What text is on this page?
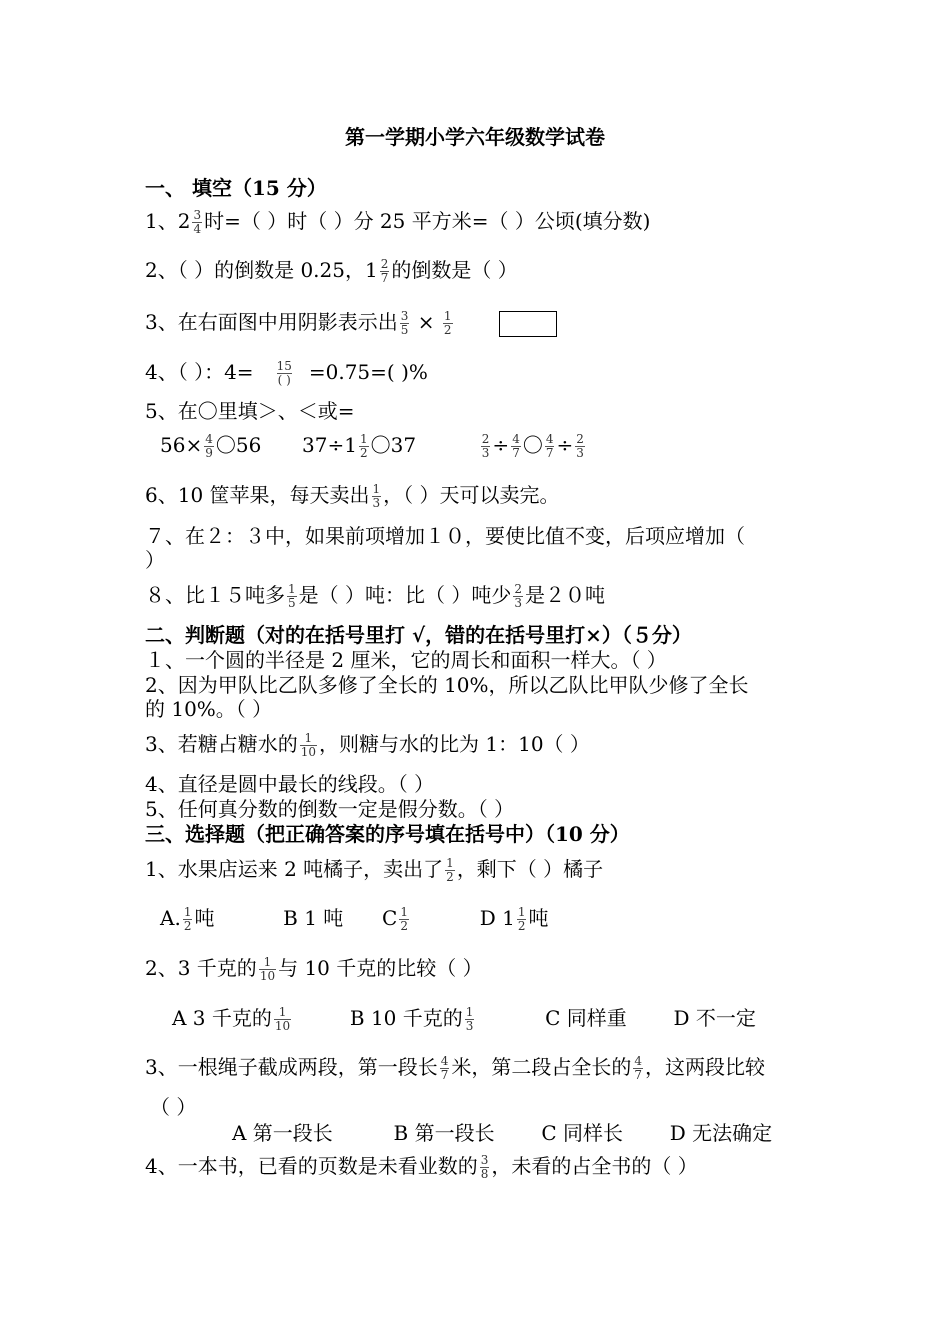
第一学期小学六年级数学试卷
一、 填空（15 分）
1、$2 \frac{3}{4}$ 时=（ ）时（ ）分 25 平方米=（ ）公顷(填分数)
2、（ ）的倒数是 0.25，$1 \frac{2}{7}$ 的倒数是（ ）
3、在右面图中用阴影表示出 $\frac{3}{5} \times \frac{1}{2}$

4、（ ）：4= 15
( ) =0.75=( )%
5、在〇里填＞、＜或=
$56\times \frac{4}{9}$ 〇56 $37\div 1 \frac{1}{2}$ 〇37	$\frac{2}{3} \div \frac{4}{7}$ 〇 $\frac{4}{7} \div \frac{2}{3}$
6、10 筐苹果，每天卖出 $\frac{1}{3}$ ，（ ）天可以卖完。
７、在２：３中，如果前项增加１０，要使比值不变，后项应增加（
）
８、比１５吨多 $\frac{1}{5}$ 是（ ）吨：比（ ）吨少 $\frac{2}{3}$ 是２０吨
二、判断题（对的在括号里打 √，错的在括号里打×）（５分）
１、一个圆的半径是 2 厘米，它的周长和面积一样大。（ ）
2、因为甲队比乙队多修了全长的 10%，所以乙队比甲队少修了全长
的 10%。（ ）
3、若糖占糖水的 $\frac{1}{10}$ ，则糖与水的比为 1：10（ ）
4、直径是圆中最长的线段。（ ）
5、任何真分数的倒数一定是假分数。（ ）
三、选择题（把正确答案的序号填在括号中）（10 分）
1、水果店运来 2 吨橘子，卖出了 $\frac{1}{2}$ ，剩下（ ）橘子
A. $\frac{1}{2}$ 吨	B 1 吨 C $\frac{1}{2}$	D $1 \frac{1}{2}$ 吨
2、3 千克的 $\frac{1}{10}$ 与 10 千克的比较（ ）
A 3 千克的 $\frac{1}{10}$	B 10 千克的 $\frac{1}{3}$	C 同样重 D 不一定
3、一根绳子截成两段，第一段长 $\frac{4}{7}$ 米，第二段占全长的 $\frac{4}{7}$ ，这两段比较
（ ）
A 第一段长	B 第一段长 C 同样长 D 无法确定
4、一本书，已看的页数是未看业数的 $\frac{3}{8}$ ，未看的占全书的（ ）
